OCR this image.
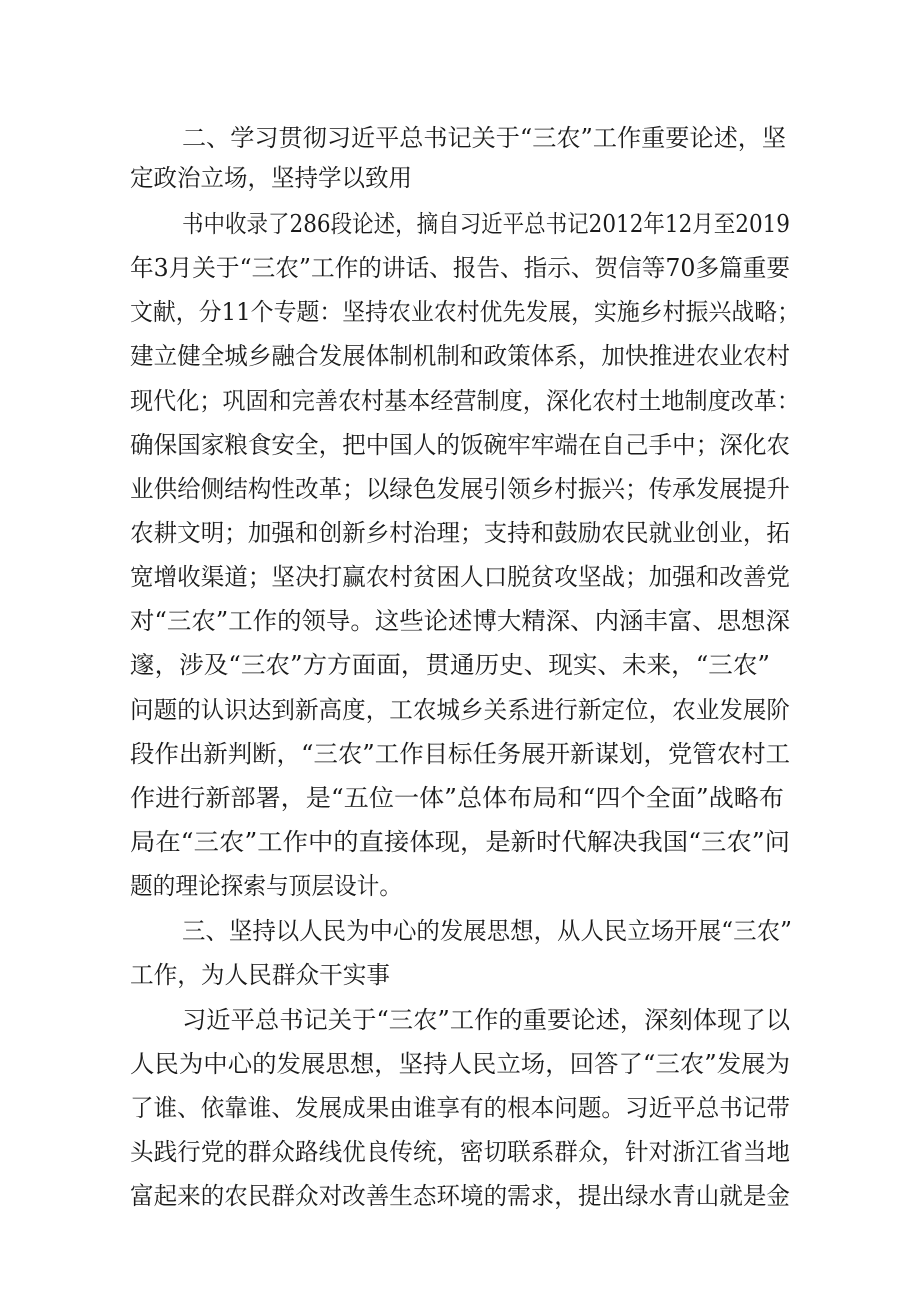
二、学习贯彻习近平总书记关于“三农”工作重要论述，坚
定政治立场，坚持学以致用
书中收录了286段论述，摘自习近平总书记2012年12月至2019
年3月关于“三农”工作的讲话、报告、指示、贺信等70多篇重要
文献，分11个专题：坚持农业农村优先发展，实施乡村振兴战略；
建立健全城乡融合发展体制机制和政策体系，加快推进农业农村
现代化；巩固和完善农村基本经营制度，深化农村土地制度改革：
确保国家粮食安全，把中国人的饭碗牢牢端在自己手中；深化农
业供给侧结构性改革；以绿色发展引领乡村振兴；传承发展提升
农耕文明；加强和创新乡村治理；支持和鼓励农民就业创业，拓
宽增收渠道；坚决打赢农村贫困人口脱贫攻坚战；加强和改善党
对“三农”工作的领导。这些论述博大精深、内涵丰富、思想深
邃，涉及“三农”方方面面，贯通历史、现实、未来，“三农”
问题的认识达到新高度，工农城乡关系进行新定位，农业发展阶
段作出新判断，“三农”工作目标任务展开新谋划，党管农村工
作进行新部署，是“五位一体”总体布局和“四个全面”战略布
局在“三农”工作中的直接体现，是新时代解决我国“三农”问
题的理论探索与顶层设计。
三、坚持以人民为中心的发展思想，从人民立场开展“三农”
工作，为人民群众干实事
习近平总书记关于“三农”工作的重要论述，深刻体现了以
人民为中心的发展思想，坚持人民立场，回答了“三农”发展为
了谁、依靠谁、发展成果由谁享有的根本问题。习近平总书记带
头践行党的群众路线优良传统，密切联系群众，针对浙江省当地
富起来的农民群众对改善生态环境的需求，提出绿水青山就是金
